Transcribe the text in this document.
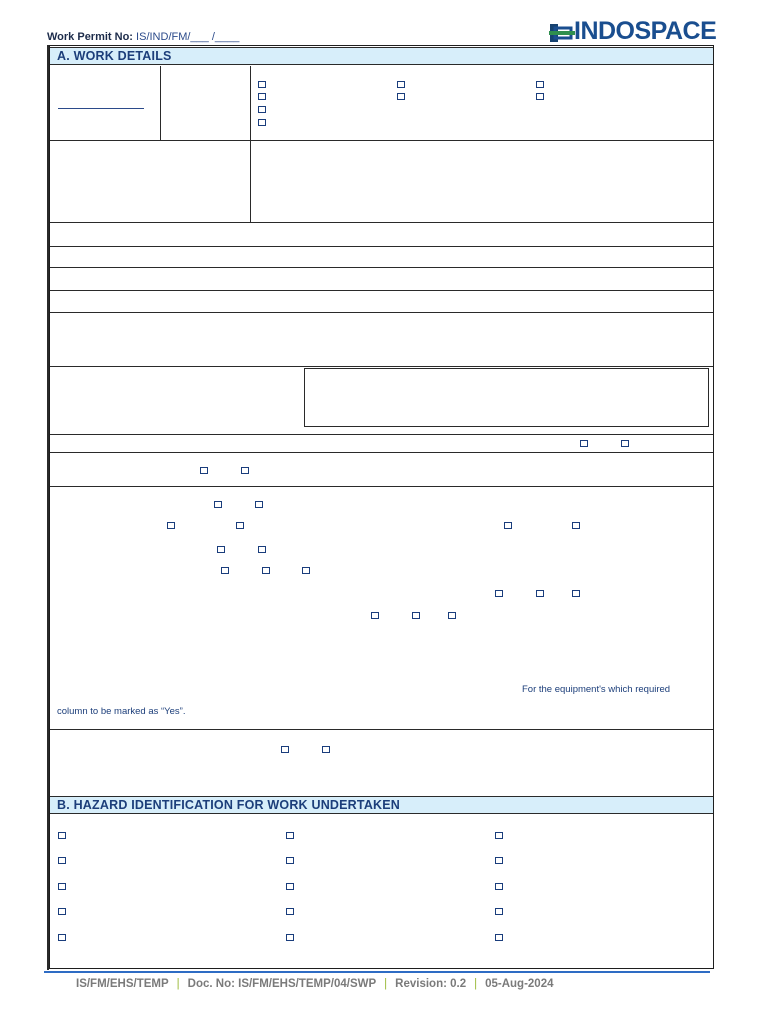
Work Permit No: IS/IND/FM/___ /____	INDOSPACE
A. WORK DETAILS
For the equipment's which required
column to be marked as “Yes”.
B. HAZARD IDENTIFICATION FOR WORK UNDERTAKEN
IS/FM/EHS/TEMP | Doc. No: IS/FM/EHS/TEMP/04/SWP | Revision: 0.2 | 05-Aug-2024
